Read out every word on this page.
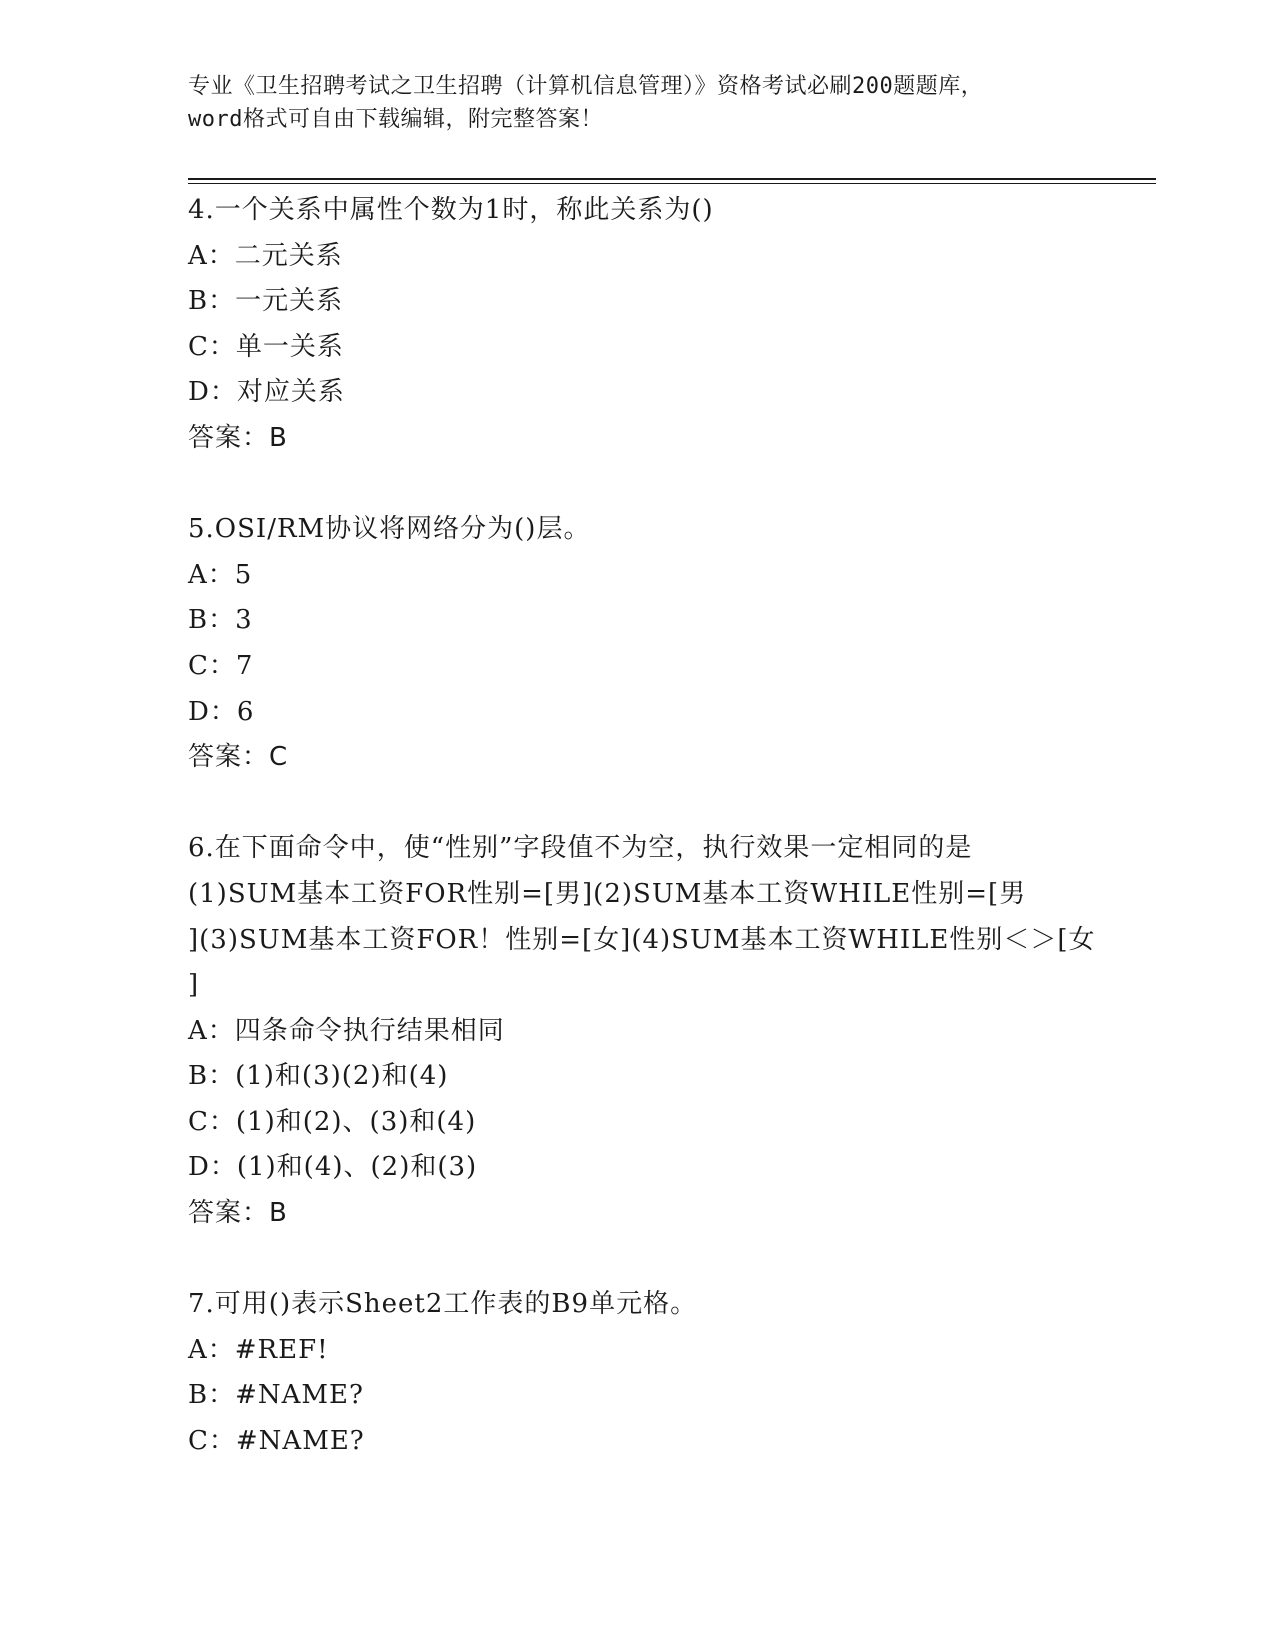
专业《卫生招聘考试之卫生招聘（计算机信息管理）》资格考试必刷200题题库，
word格式可自由下载编辑，附完整答案！
4.一个关系中属性个数为1时，称此关系为()
A：二元关系
B：一元关系
C：单一关系
D：对应关系
答案：B
5.OSI/RM协议将网络分为()层。
A：5
B：3
C：7
D：6
答案：C
6.在下面命令中，使“性别”字段值不为空，执行效果一定相同的是
(1)SUM基本工资FOR性别=[男](2)SUM基本工资WHILE性别=[男
](3)SUM基本工资FOR！性别=[女](4)SUM基本工资WHILE性别＜＞[女
]
A：四条命令执行结果相同
B：(1)和(3)(2)和(4)
C：(1)和(2)、(3)和(4)
D：(1)和(4)、(2)和(3)
答案：B
7.可用()表示Sheet2工作表的B9单元格。
A：#REF!
B：#NAME?
C：#NAME?
